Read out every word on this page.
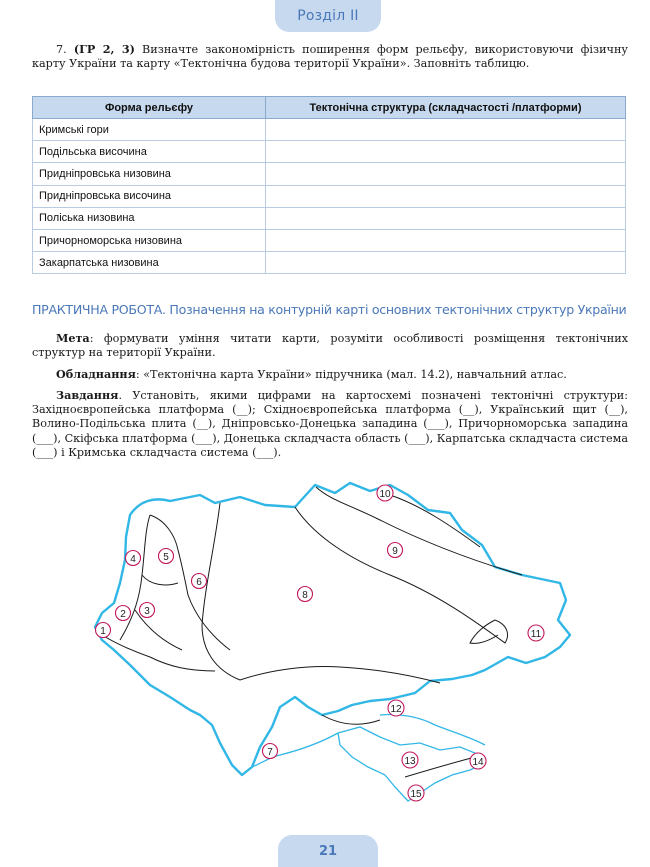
Розділ II
7. (ГР 2, 3) Визначте закономірність поширення форм рельєфу, використовуючи фізичну карту України та карту «Тектонічна будова території України». Заповніть таблицю.
Форма рельєфу	Тектонічна структура (складчастості /платформи)
Кримські гори	
Подільська височина	
Придніпровська низовина	
Придніпровська височина	
Поліська низовина	
Причорноморська низовина	
Закарпатська низовина	
ПРАКТИЧНА РОБОТА. Позначення на контурній карті основних тектонічних структур України
Мета: формувати уміння читати карти, розуміти особливості розміщення тектонічних структур на території України.
Обладнання: «Тектонічна карта України» підручника (мал. 14.2), навчальний атлас.
Завдання. Установіть, якими цифрами на картосхемі позначені тектонічні структури: Західноєвропейська платформа (__); Східноєвропейська платформа (__), Український щит (__), Волино-Подільська плита (__), Дніпровсько-Донецька западина (___), Причорноморська западина (___), Скіфська платформа (___), Донецька складчаста область (___), Карпатська складчаста система (___) і Кримська складчаста система (___).
1
2 3
4	5
6
7
8
9
10
11
12
13	14
15
21
